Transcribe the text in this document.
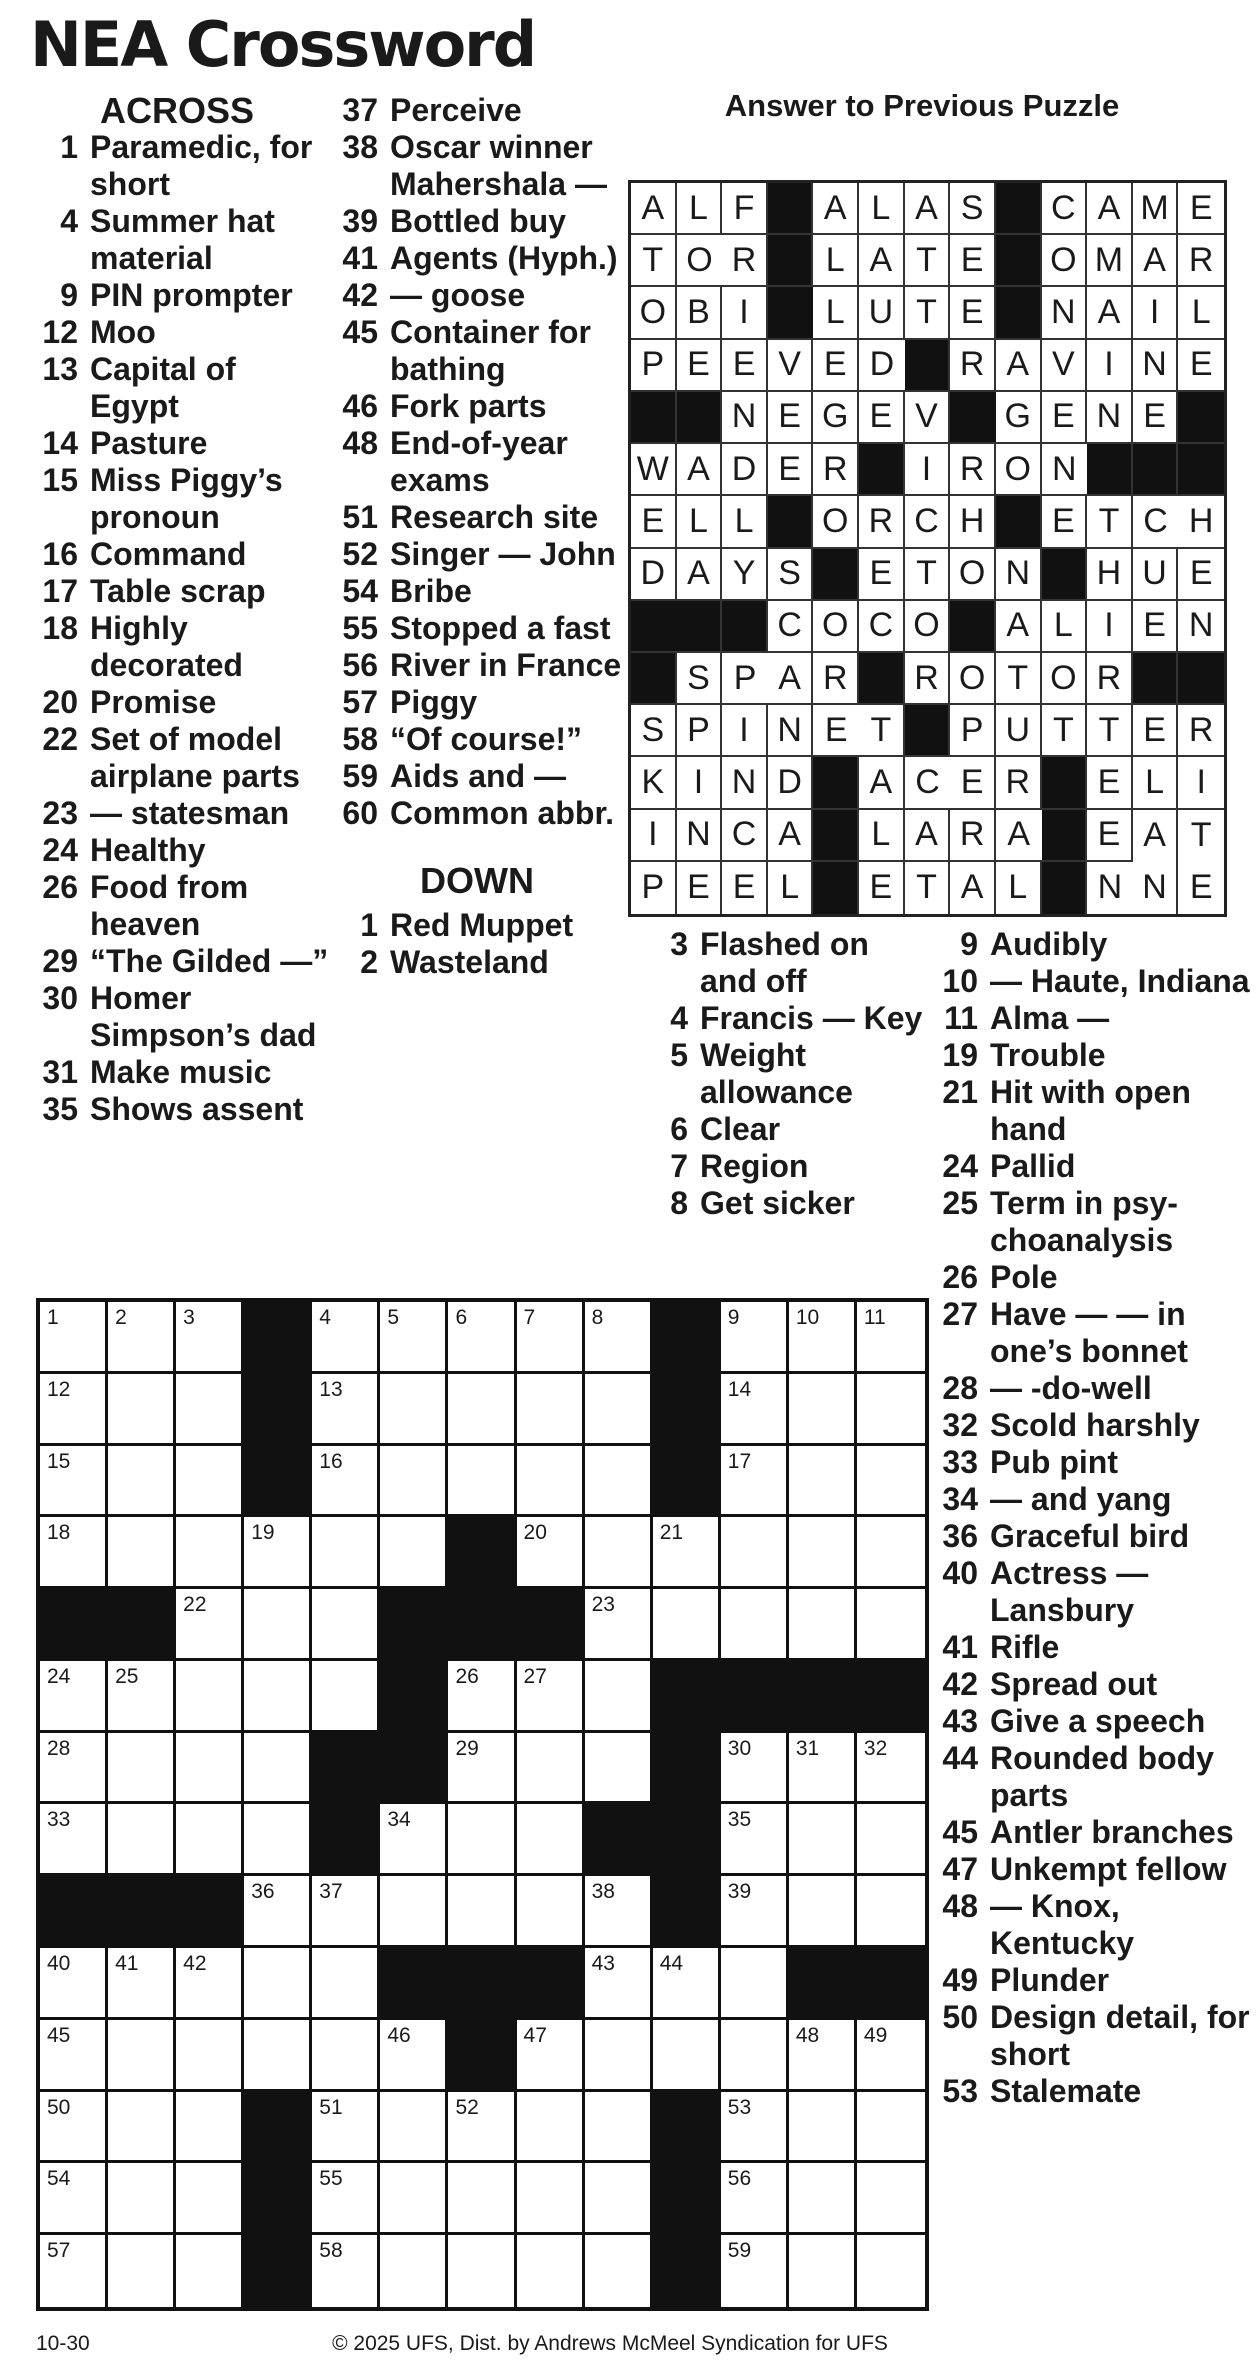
NEA Crossword
ACROSS
1 Paramedic, for short
4 Summer hat material
9 PIN prompter
12 Moo
13 Capital of Egypt
14 Pasture
15 Miss Piggy’s pronoun
16 Command
17 Table scrap
18 Highly decorated
20 Promise
22 Set of model airplane parts
23 — statesman
24 Healthy
26 Food from heaven
29 “The Gilded —”
30 Homer Simpson’s dad
31 Make music
35 Shows assent
37 Perceive
38 Oscar winner Mahershala —
39 Bottled buy
41 Agents (Hyph.)
42 — goose
45 Container for bathing
46 Fork parts
48 End-of-year exams
51 Research site
52 Singer — John
54 Bribe
55 Stopped a fast
56 River in France
57 Piggy
58 “Of course!”
59 Aids and —
60 Common abbr.
DOWN
1 Red Muppet
2 Wasteland
Answer to Previous Puzzle
A L F	A L A S	C A M E
T O R	L A T E	O M A R
O B I	L U T E	N A I L
P E E V E D	R A V I N E
N E G E V	G E N E
W A D E R	I R O N
E L L	O R C H	E T C H
D A Y S	E T O N	H U E
C O C O	A L I E N
S P A R	R O T O R
S P I N E T	P U T T E R
K I N D	A C E R	E L I
I N C A	L A R A	E A T
P E E L	E T A L	N N E
3 Flashed on and off
4 Francis — Key
5 Weight allowance
6 Clear
7 Region
8 Get sicker
9 Audibly
10 — Haute, Indiana
11 Alma —
19 Trouble
21 Hit with open hand
24 Pallid
25 Term in psy- choanalysis
26 Pole
27 Have — — in one’s bonnet
28 — -do-well
32 Scold harshly
33 Pub pint
34 — and yang
36 Graceful bird
40 Actress — Lansbury
41 Rifle
42 Spread out
43 Give a speech
44 Rounded body parts
45 Antler branches
47 Unkempt fellow
48 — Knox, Kentucky
49 Plunder
50 Design detail, for short
53 Stalemate
1	2	3	4	5	6	7	8	9	10 11
12	13	14
15	16	17
18	19	20	21
22	23
24 25	26 27
28	29	30 31 32
33	34	35
36 37	38	39
40 41 42	43 44
45	46	47	48 49
50	51	52	53
54	55	56
57	58	59
10-30	© 2025 UFS, Dist. by Andrews McMeel Syndication for UFS
